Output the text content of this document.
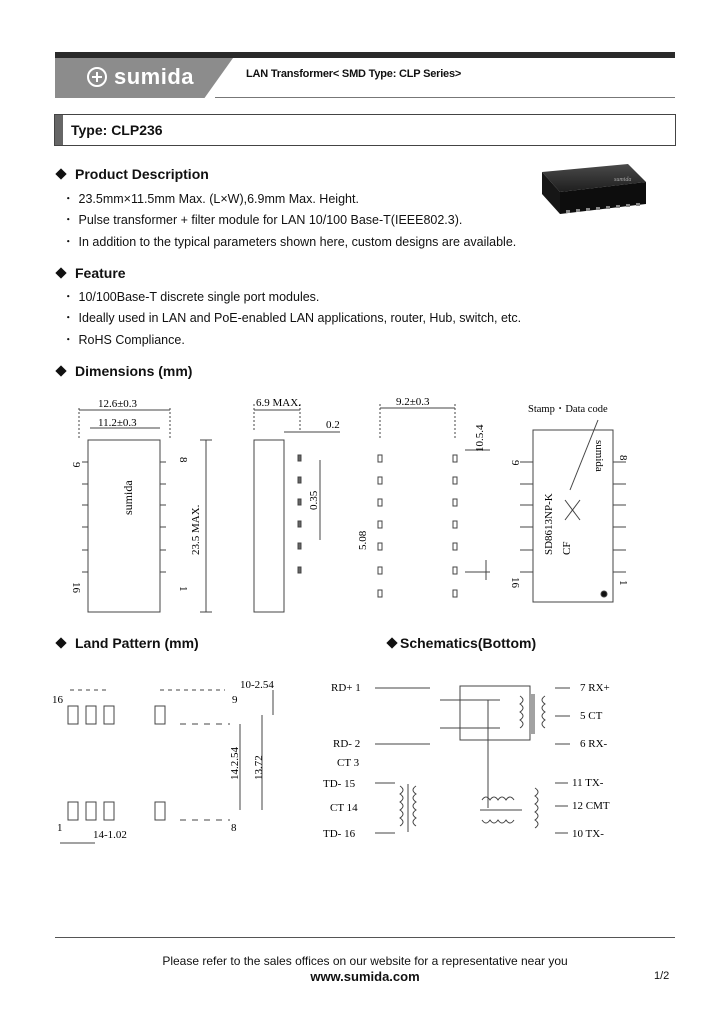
sumida	LAN Transformer< SMD Type: CLP Series>
Type: CLP236
Product Description
・ 23.5mm×11.5mm Max. (L×W),6.9mm Max. Height.
・ Pulse transformer + filter module for LAN 10/100 Base-T(IEEE802.3).
・ In addition to the typical parameters shown here, custom designs are available.
sumida
Feature
・ 10/100Base-T discrete single port modules.
・ Ideally used in LAN and PoE-enabled LAN applications, router, Hub, switch, etc.
・ RoHS Compliance.
Dimensions (mm)
12.6±0.3
11.2±0.3
9
8
16	1
sumida
23.5 MAX.
6.9 MAX.
0.2
0.35
9.2±0.3
10.5.4
5.08
Stamp・Data code
SD8613NP-K CF
sumida
9
8
16	1
Land Pattern (mm)
16	9
10-2.54
1	8
14-1.02
14.2.54 13.72
Schematics(Bottom)
RD+ 1
RD- 2
CT 3
TD- 15
CT 14
TD- 16
7 RX+
5 CT
6 RX-
11 TX-
12 CMT
10 TX-
Please refer to the sales offices on our website for a representative near you
www.sumida.com	1/2
